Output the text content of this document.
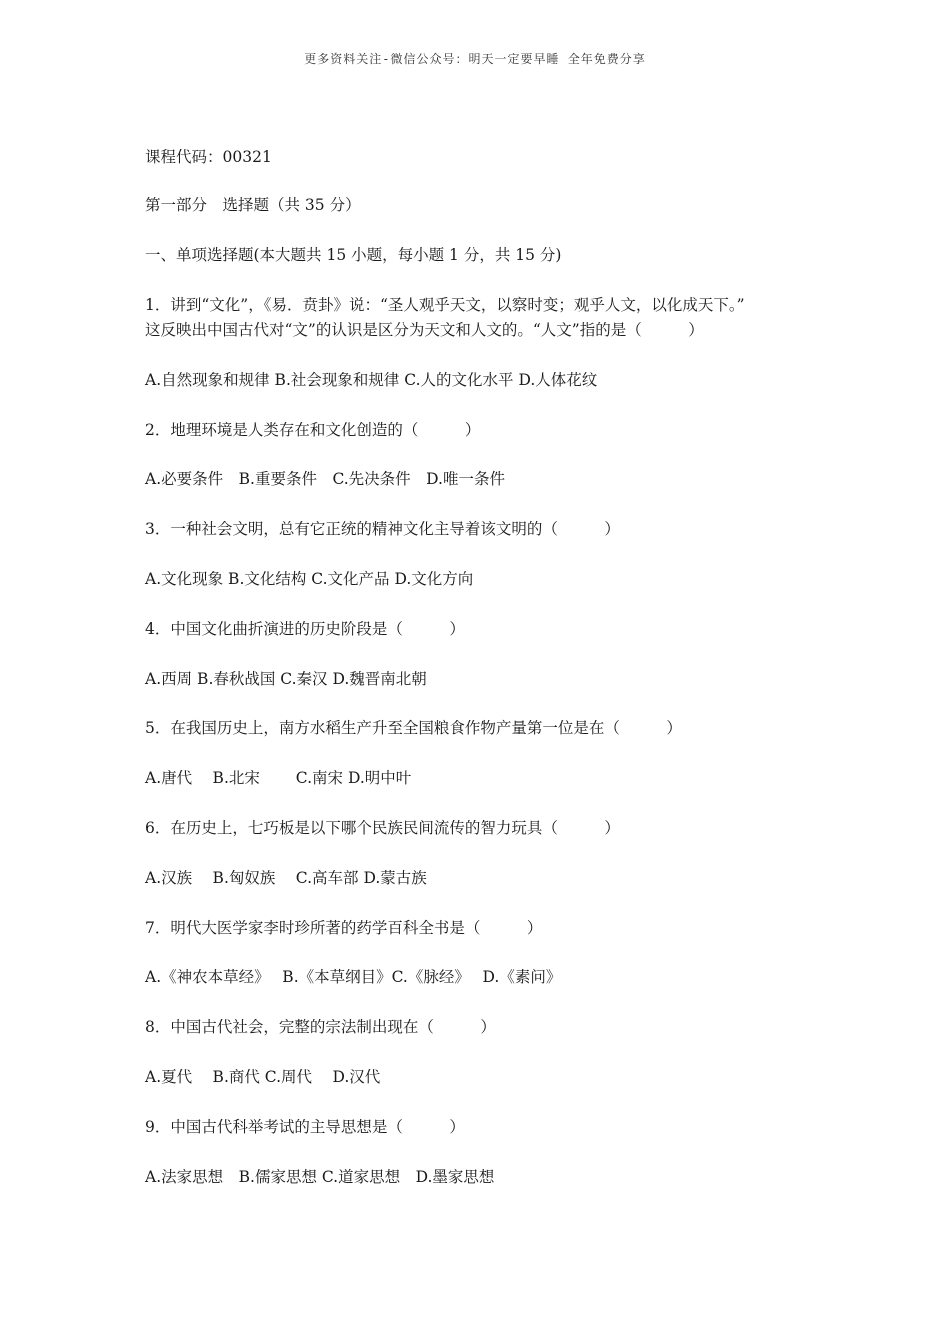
更多资料关注-微信公众号：明天一定要早睡 全年免费分享
课程代码：00321
第一部分　选择题（共 35 分）
一、单项选择题(本大题共 15 小题，每小题 1 分，共 15 分)
1．讲到“文化”，《易．贲卦》说：“圣人观乎天文，以察时变；观乎人文，以化成天下。”
这反映出中国古代对“文”的认识是区分为天文和人文的。“人文”指的是（　　　）
A.自然现象和规律 B.社会现象和规律 C.人的文化水平 D.人体花纹
2．地理环境是人类存在和文化创造的（　　　）
A.必要条件　B.重要条件　C.先决条件　D.唯一条件
3．一种社会文明，总有它正统的精神文化主导着该文明的（　　　）
A.文化现象 B.文化结构 C.文化产品 D.文化方向
4．中国文化曲折演进的历史阶段是（　　　）
A.西周 B.春秋战国 C.秦汉 D.魏晋南北朝
5．在我国历史上，南方水稻生产升至全国粮食作物产量第一位是在（　　　）
A.唐代　 B.北宋　　 C.南宋 D.明中叶
6．在历史上，七巧板是以下哪个民族民间流传的智力玩具（　　　）
A.汉族　 B.匈奴族　 C.高车部 D.蒙古族
7．明代大医学家李时珍所著的药学百科全书是（　　　）
A.《神农本草经》　 B.《本草纲目》C.《脉经》　 D.《素问》
8．中国古代社会，完整的宗法制出现在（　　　）
A.夏代　 B.商代 C.周代　 D.汉代
9．中国古代科举考试的主导思想是（　　　）
A.法家思想　B.儒家思想 C.道家思想　D.墨家思想
